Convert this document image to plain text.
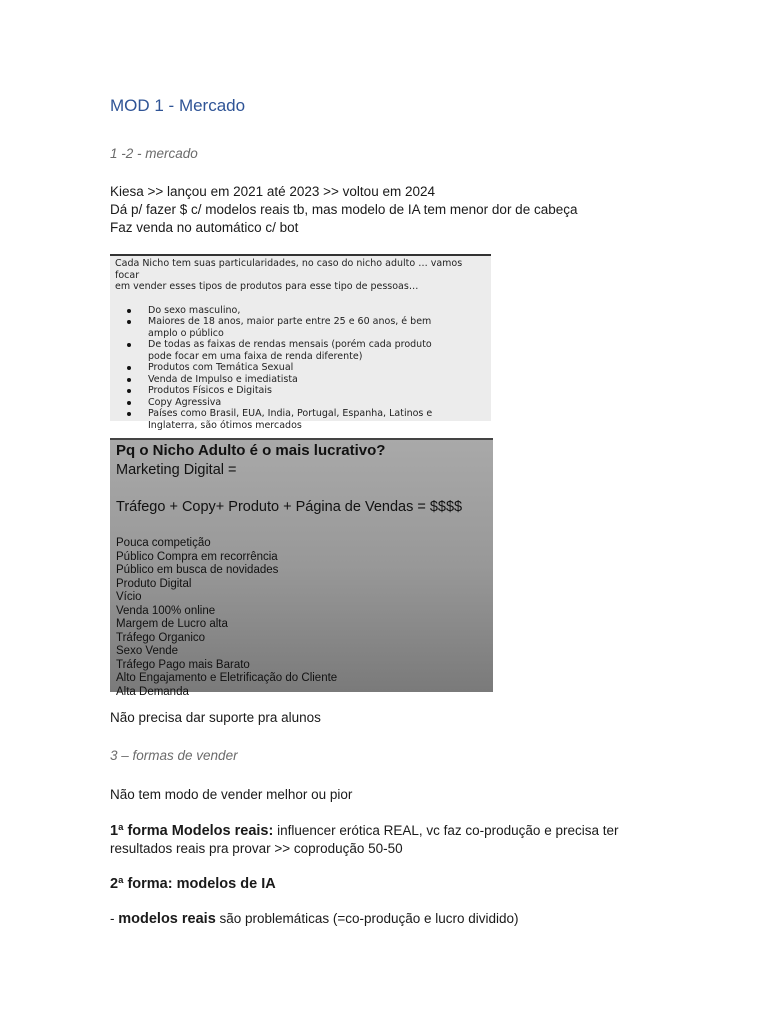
MOD 1 - Mercado
1 -2 - mercado
Kiesa >> lançou em 2021 até 2023 >> voltou em 2024
Dá p/ fazer $ c/ modelos reais tb, mas modelo de IA tem menor dor de cabeça
Faz venda no automático c/ bot
Cada Nicho tem suas particularidades, no caso do nicho adulto … vamos focar
em vender esses tipos de produtos para esse tipo de pessoas…
Do sexo masculino,
Maiores de 18 anos, maior parte entre 25 e 60 anos, é bem amplo o público
De todas as faixas de rendas mensais (porém cada produto pode focar em uma faixa de renda diferente)
Produtos com Temática Sexual
Venda de Impulso e imediatista
Produtos Físicos e Digitais
Copy Agressiva
Países como Brasil, EUA, India, Portugal, Espanha, Latinos e Inglaterra, são ótimos mercados
Pq o Nicho Adulto é o mais lucrativo?
Marketing Digital =
Tráfego + Copy+ Produto + Página de Vendas = $$$$
Pouca competição
Público Compra em recorrência
Público em busca de novidades
Produto Digital
Vício
Venda 100% online
Margem de Lucro alta
Tráfego Organico
Sexo Vende
Tráfego Pago mais Barato
Alto Engajamento e Eletrificação do Cliente
Alta Demanda
Não precisa dar suporte pra alunos
3 – formas de vender
Não tem modo de vender melhor ou pior
1ª forma Modelos reais: influencer erótica REAL, vc faz co-produção e precisa ter
resultados reais pra provar >> coprodução 50-50
2ª forma: modelos de IA
- modelos reais são problemáticas (=co-produção e lucro dividido)
